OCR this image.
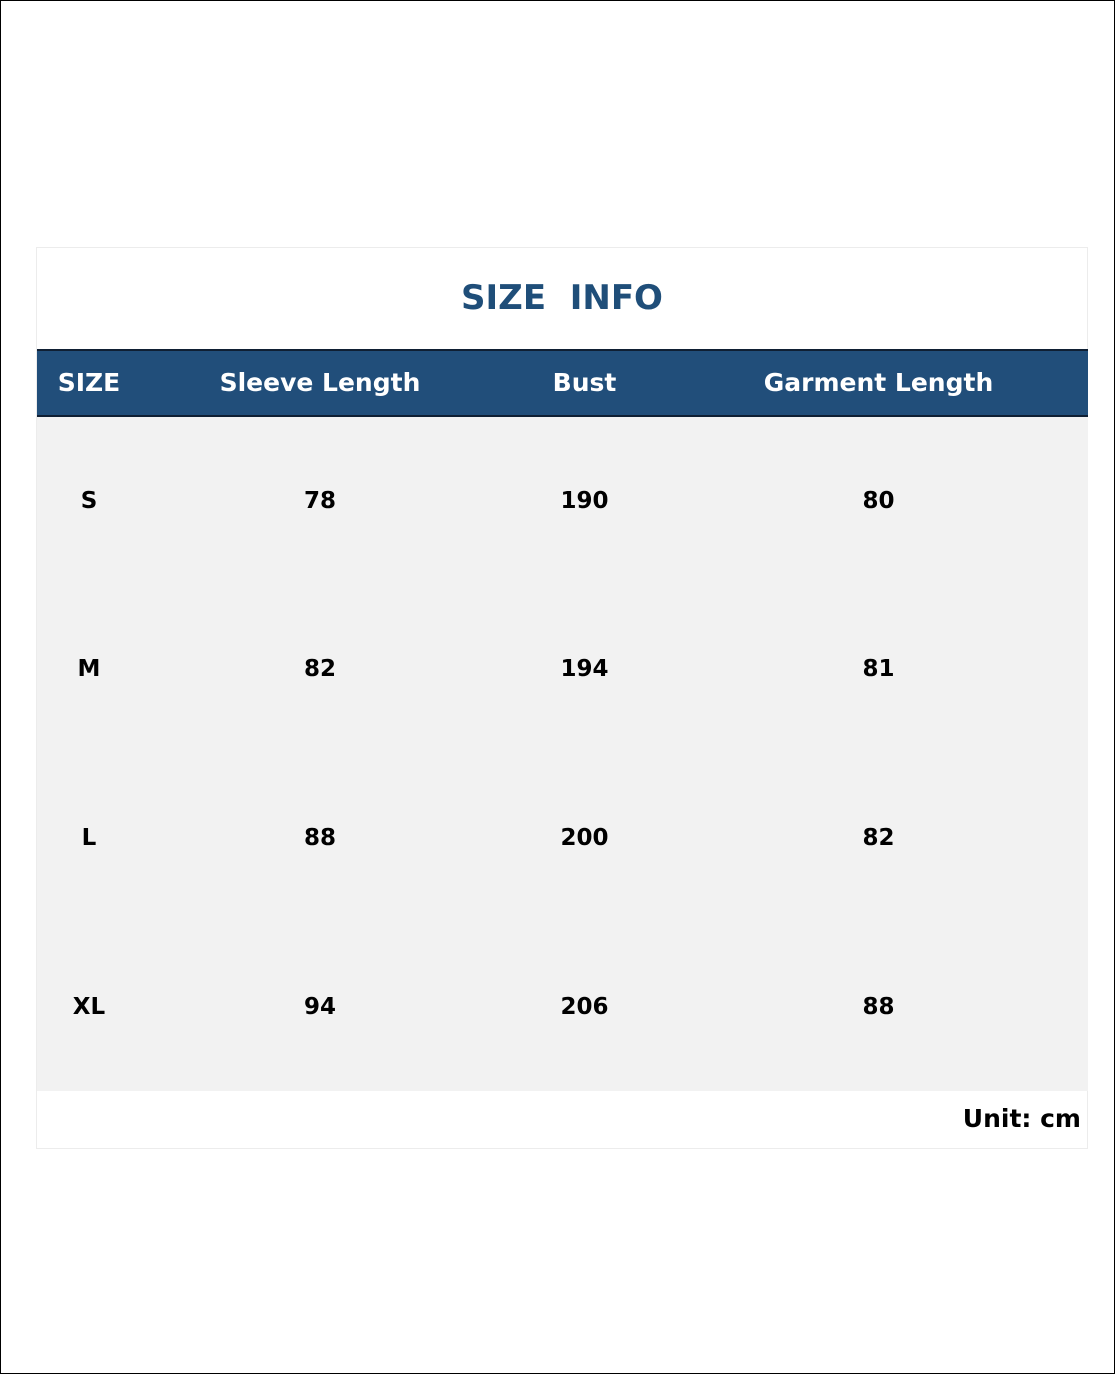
SIZE  INFO
SIZE	Sleeve Length	Bust	Garment Length
S	78	190	80
M	82	194	81
L	88	200	82
XL	94	206	88
Unit: cm
